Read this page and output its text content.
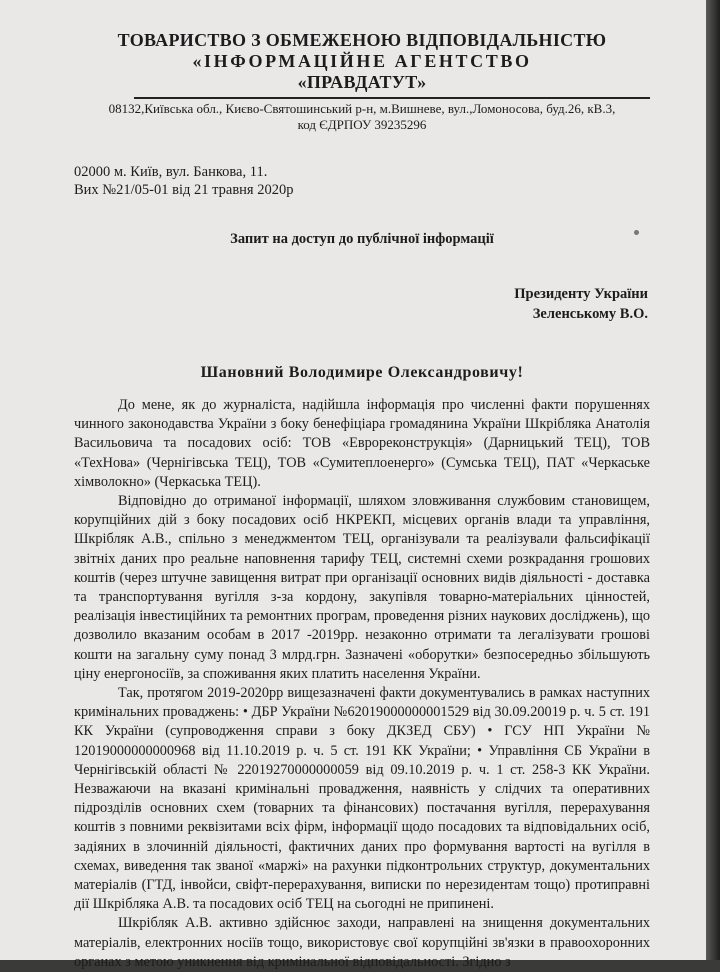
ТОВАРИСТВО З ОБМЕЖЕНОЮ ВІДПОВІДАЛЬНІСТЮ
«ІНФОРМАЦІЙНЕ АГЕНТСТВО
«ПРАВДАТУТ»
08132,Київська обл., Києво-Святошинський р-н, м.Вишневе, вул.,Ломоносова, буд.26, кВ.3,
код ЄДРПОУ 39235296
02000 м. Київ, вул. Банкова, 11.
Вих №21/05-01 від 21 травня 2020р
Запит на доступ до публічної інформації
Президенту України
Зеленському В.О.
Шановний Володимире Олександровичу!

До мене, як до журналіста, надійшла інформація про численні факти порушеннях чинного законодавства України з боку бенефіціара громадянина України Шкрібляка Анатолія Васильовича та посадових осіб: ТОВ «Еврореконструкція» (Дарницький ТЕЦ), ТОВ «ТехНова» (Чернігівська ТЕЦ), ТОВ «Сумитеплоенерго» (Сумська ТЕЦ), ПАТ «Черкаське хімволокно» (Черкаська ТЕЦ).

Відповідно до отриманої інформації, шляхом зловживання службовим становищем, корупційних дій з боку посадових осіб НКРЕКП, місцевих органів влади та управління, Шкрібляк А.В., спільно з менеджментом ТЕЦ, організували та реалізували фальсифікації звітніх даних про реальне наповнення тарифу ТЕЦ, системні схеми розкрадання грошових коштів (через штучне завищення витрат при організації основних видів діяльності - доставка та транспортування вугілля з-за кордону, закупівля товарно-матеріальних цінностей, реалізація інвестиційних та ремонтних програм, проведення різних наукових досліджень), що дозволило вказаним особам в 2017 -2019рр. незаконно отримати та легалізувати грошові кошти на загальну суму понад 3 млрд.грн. Зазначені «оборутки» безпосередньо збільшують ціну енергоносіїв, за споживання яких платить населення України.

Так, протягом 2019-2020рр вищезазначені факти документувались в рамках наступних кримінальних проваджень: • ДБР України №62019000000001529 від 30.09.20019 р. ч. 5 ст. 191 КК України (супроводження справи з боку ДКЗЕД СБУ) • ГСУ НП України № 12019000000000968 від 11.10.2019 р. ч. 5 ст. 191 КК України; • Управління СБ України в Чернігівській області № 22019270000000059 від 09.10.2019 р. ч. 1 ст. 258-3 КК України. Незважаючи на вказані кримінальні провадження, наявність у слідчих та оперативних підрозділів основних схем (товарних та фінансових) постачання вугілля, перерахування коштів з повними реквізитами всіх фірм, інформації щодо посадових та відповідальних осіб, задіяних в злочинній діяльності, фактичних даних про формування вартості на вугілля в схемах, виведення так званої «маржі» на рахунки підконтрольних структур, документальних матеріалів (ГТД, інвойси, свіфт-перерахування, виписки по нерезидентам тощо) протиправні дії Шкрібляка А.В. та посадових осіб ТЕЦ на сьогодні не припинені.

Шкрібляк А.В. активно здійснює заходи, направлені на знищення документальних матеріалів, електронних носіїв тощо, використовує свої корупційні зв'язки в правоохоронних органах з метою уникнення від кримінальної відповідальності. Згідно з
